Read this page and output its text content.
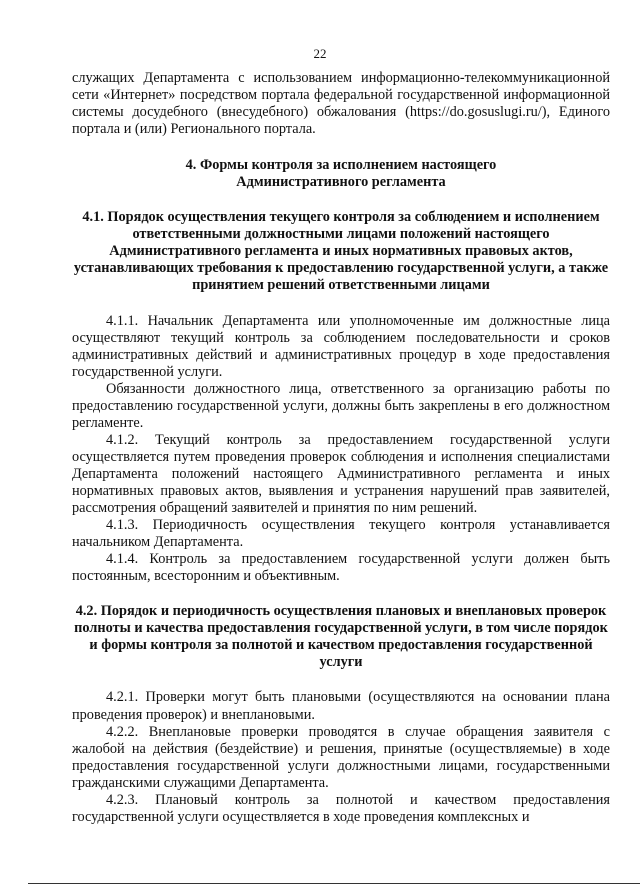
22

служащих Департамента с использованием информационно-телекоммуникационной сети «Интернет» посредством портала федеральной государственной информационной системы досудебного (внесудебного) обжалования (https://do.gosuslugi.ru/), Единого портала и (или) Регионального портала.

4. Формы контроля за исполнением настоящего

Административного регламента

4.1. Порядок осуществления текущего контроля за соблюдением и исполнением ответственными должностными лицами положений настоящего Административного регламента и иных нормативных правовых актов, устанавливающих требования к предоставлению государственной услуги, а также принятием решений ответственными лицами

4.1.1. Начальник Департамента или уполномоченные им должностные лица осуществляют текущий контроль за соблюдением последовательности и сроков административных действий и административных процедур в ходе предоставления государственной услуги.

Обязанности должностного лица, ответственного за организацию работы по предоставлению государственной услуги, должны быть закреплены в его должностном регламенте.

4.1.2. Текущий контроль за предоставлением государственной услуги осуществляется путем проведения проверок соблюдения и исполнения специалистами Департамента положений настоящего Административного регламента и иных нормативных правовых актов, выявления и устранения нарушений прав заявителей, рассмотрения обращений заявителей и принятия по ним решений.

4.1.3. Периодичность осуществления текущего контроля устанавливается начальником Департамента.

4.1.4. Контроль за предоставлением государственной услуги должен быть постоянным, всесторонним и объективным.

4.2. Порядок и периодичность осуществления плановых и внеплановых проверок полноты и качества предоставления государственной услуги, в том числе порядок и формы контроля за полнотой и качеством предоставления государственной услуги

4.2.1. Проверки могут быть плановыми (осуществляются на основании плана проведения проверок) и внеплановыми.

4.2.2. Внеплановые проверки проводятся в случае обращения заявителя с жалобой на действия (бездействие) и решения, принятые (осуществляемые) в ходе предоставления государственной услуги должностными лицами, государственными гражданскими служащими Департамента.

4.2.3. Плановый контроль за полнотой и качеством предоставления государственной услуги осуществляется в ходе проведения комплексных и
